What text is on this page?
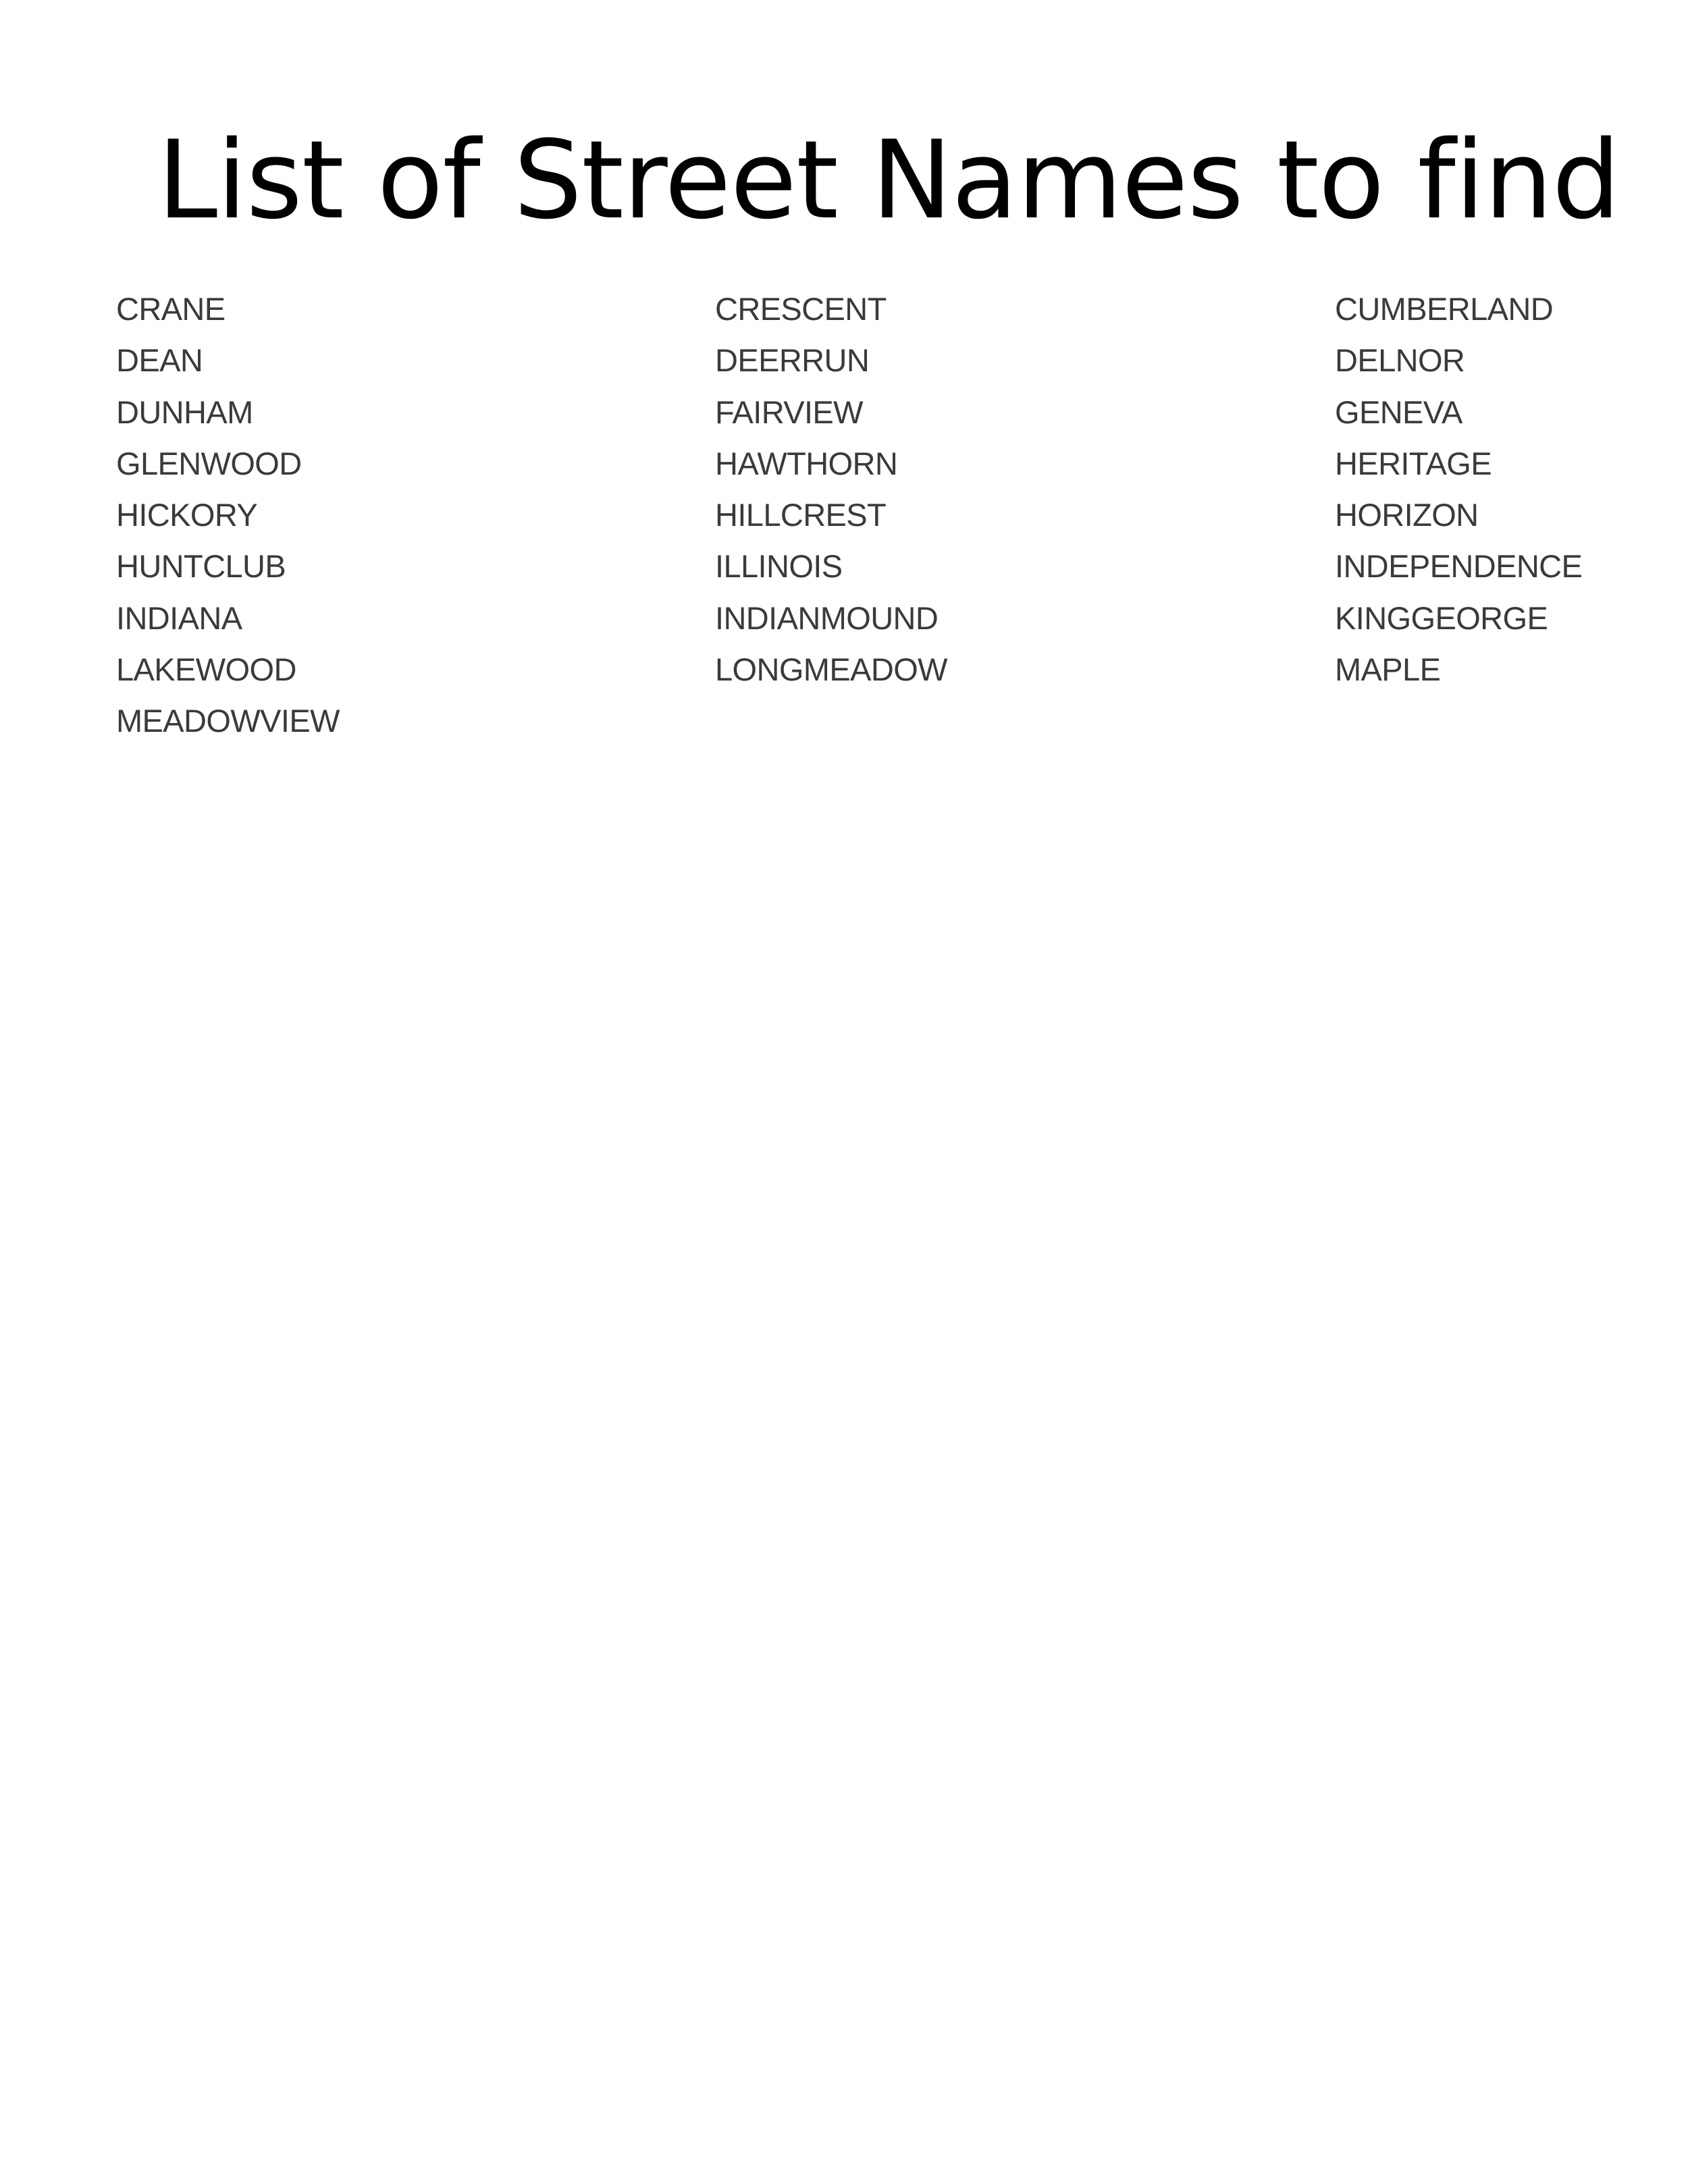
List of Street Names to find
CRANE	CRESCENT	CUMBERLAND
DEAN	DEERRUN	DELNOR
DUNHAM	FAIRVIEW	GENEVA
GLENWOOD	HAWTHORN	HERITAGE
HICKORY	HILLCREST	HORIZON
HUNTCLUB	ILLINOIS	INDEPENDENCE
INDIANA	INDIANMOUND	KINGGEORGE
LAKEWOOD	LONGMEADOW	MAPLE
MEADOWVIEW
